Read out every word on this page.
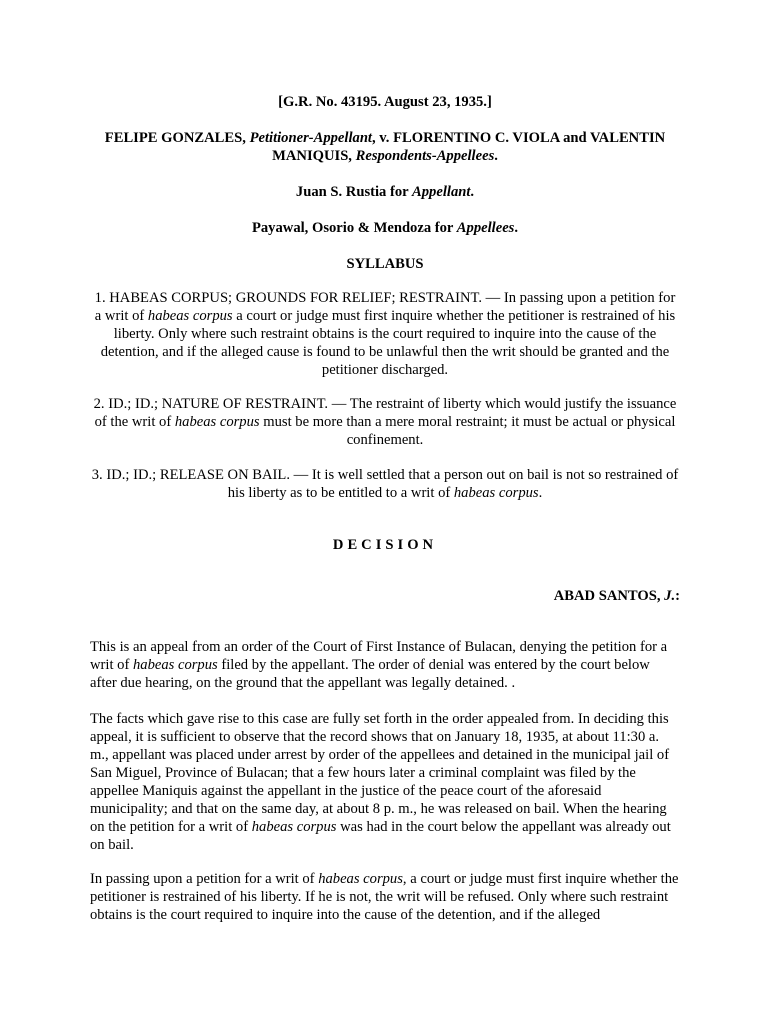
[G.R. No. 43195. August 23, 1935.]

FELIPE GONZALES, Petitioner-Appellant, v. FLORENTINO C. VIOLA and VALENTIN
MANIQUIS, Respondents-Appellees.

Juan S. Rustia for Appellant.

Payawal, Osorio & Mendoza for Appellees.

SYLLABUS

1. HABEAS CORPUS; GROUNDS FOR RELIEF; RESTRAINT. — In passing upon a petition for a writ of habeas corpus a court or judge must first inquire whether the petitioner is restrained of his liberty. Only where such restraint obtains is the court required to inquire into the cause of the detention, and if the alleged cause is found to be unlawful then the writ should be granted and the petitioner discharged.

2. ID.; ID.; NATURE OF RESTRAINT. — The restraint of liberty which would justify the issuance of the writ of habeas corpus must be more than a mere moral restraint; it must be actual or physical confinement.

3. ID.; ID.; RELEASE ON BAIL. — It is well settled that a person out on bail is not so restrained of his liberty as to be entitled to a writ of habeas corpus.

DECISION

ABAD SANTOS, J.:

This is an appeal from an order of the Court of First Instance of Bulacan, denying the petition for a writ of habeas corpus filed by the appellant. The order of denial was entered by the court below after due hearing, on the ground that the appellant was legally detained. .

The facts which gave rise to this case are fully set forth in the order appealed from. In deciding this appeal, it is sufficient to observe that the record shows that on January 18, 1935, at about 11:30 a. m., appellant was placed under arrest by order of the appellees and detained in the municipal jail of San Miguel, Province of Bulacan; that a few hours later a criminal complaint was filed by the appellee Maniquis against the appellant in the justice of the peace court of the aforesaid municipality; and that on the same day, at about 8 p. m., he was released on bail. When the hearing on the petition for a writ of habeas corpus was had in the court below the appellant was already out on bail.

In passing upon a petition for a writ of habeas corpus, a court or judge must first inquire whether the petitioner is restrained of his liberty. If he is not, the writ will be refused. Only where such restraint obtains is the court required to inquire into the cause of the detention, and if the alleged
